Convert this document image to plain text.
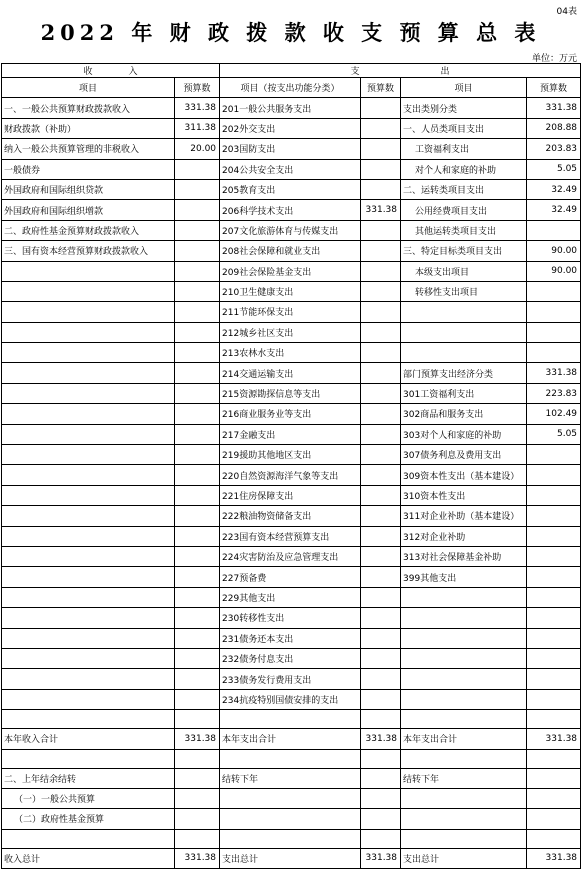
04表
2022 年 财 政 拨 款 收 支 预 算 总 表
单位：万元
收　　　　入		支　　　　　　　　　出			
项目	预算数	项目（按支出功能分类）	预算数	项目	预算数
一、一般公共预算财政拨款收入	331.38	201一般公共服务支出		支出类别分类	331.38
财政拨款（补助）	311.38	202外交支出		一、人员类项目支出	208.88
纳入一般公共预算管理的非税收入	20.00	203国防支出		工资福利支出	203.83
一般债券		204公共安全支出		对个人和家庭的补助	5.05
外国政府和国际组织贷款		205教育支出		二、运转类项目支出	32.49
外国政府和国际组织增款		206科学技术支出	331.38	公用经费项目支出	32.49
二、政府性基金预算财政拨款收入		207文化旅游体育与传媒支出		其他运转类项目支出	
三、国有资本经营预算财政拨款收入		208社会保障和就业支出		三、特定目标类项目支出	90.00
		209社会保险基金支出		本级支出项目	90.00
		210卫生健康支出		转移性支出项目	
		211节能环保支出			
		212城乡社区支出			
		213农林水支出			
		214交通运输支出		部门预算支出经济分类	331.38
		215资源勘探信息等支出		301工资福利支出	223.83
		216商业服务业等支出		302商品和服务支出	102.49
		217金融支出		303对个人和家庭的补助	5.05
		219援助其他地区支出		307债务利息及费用支出	
		220自然资源海洋气象等支出		309资本性支出（基本建设）	
		221住房保障支出		310资本性支出	
		222粮油物资储备支出		311对企业补助（基本建设）	
		223国有资本经营预算支出		312对企业补助	
		224灾害防治及应急管理支出		313对社会保障基金补助	
		227预备费		399其他支出	
		229其他支出			
		230转移性支出			
		231债务还本支出			
		232债务付息支出			
		233债务发行费用支出			
		234抗疫特别国债安排的支出			

本年收入合计	331.38	本年支出合计	331.38	本年支出合计	331.38

二、上年结余结转		结转下年		结转下年	
（一）一般公共预算					
（二）政府性基金预算					

收入总计	331.38	支出总计	331.38	支出总计	331.38
